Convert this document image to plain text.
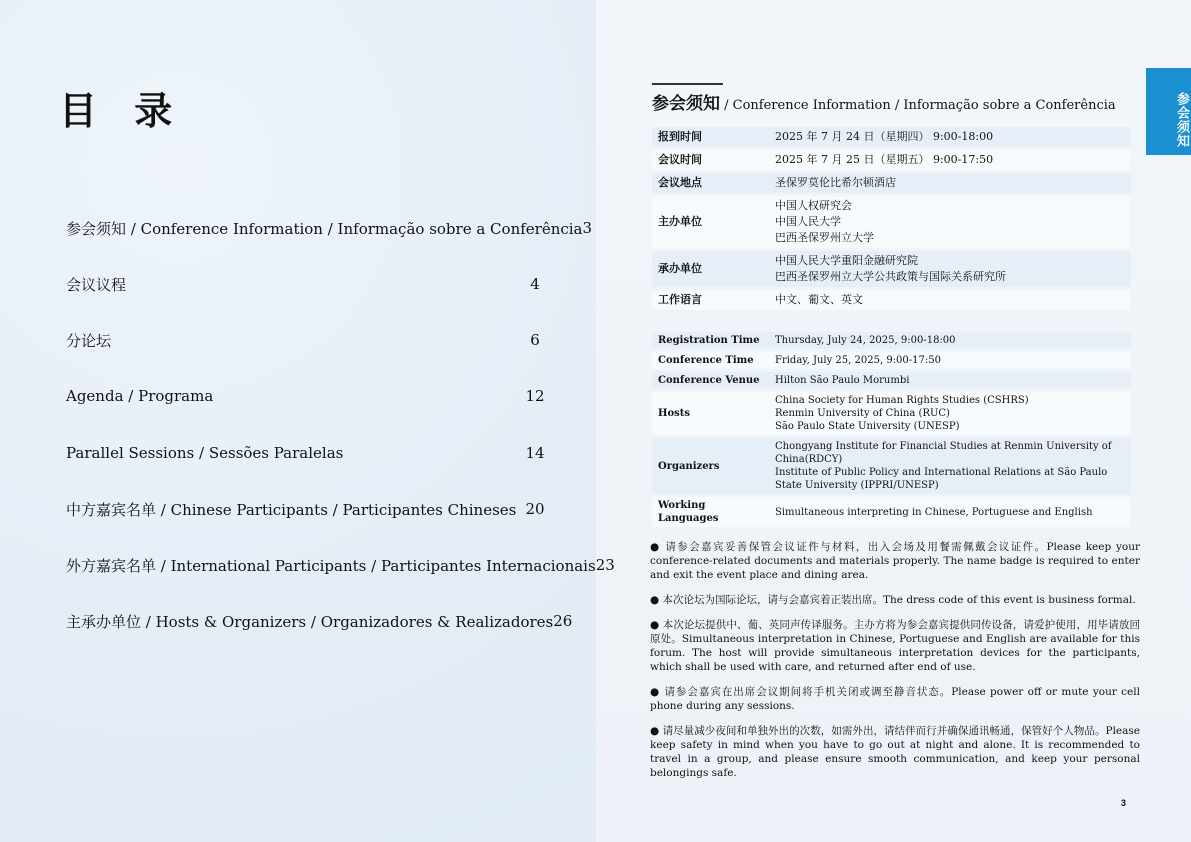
目 录
参会须知 / Conference Information / Informação sobre a Conferência 3
会议议程	4
分论坛	6
Agenda / Programa	12
Parallel Sessions / Sessões Paralelas	14
中方嘉宾名单 / Chinese Participants / Participantes Chineses 20
外方嘉宾名单 / International Participants / Participantes Internacionais 23
主承办单位 / Hosts & Organizers / Organizadores & Realizadores 26
参会须知 / Conference Information / Informação sobre a Conferência
报到时间	2025 年 7 月 24 日（星期四） 9:00-18:00

会议时间	2025 年 7 月 25 日（星期五） 9:00-17:50

会议地点	圣保罗莫伦比希尔顿酒店

主办单位	中国人权研究会
中国人民大学
巴西圣保罗州立大学

承办单位	中国人民大学重阳金融研究院
巴西圣保罗州立大学公共政策与国际关系研究所

工作语言	中文、葡文、英文
Registration Time	Thursday, July 24, 2025, 9:00-18:00

Conference Time	Friday, July 25, 2025, 9:00-17:50

Conference Venue	Hilton São Paulo Morumbi

Hosts	China Society for Human Rights Studies (CSHRS)
Renmin University of China (RUC)
São Paulo State University (UNESP)

Organizers	Chongyang Institute for Financial Studies at Renmin University of China(RDCY)
Institute of Public Policy and International Relations at São Paulo State University (IPPRI/UNESP)

Working Languages	Simultaneous interpreting in Chinese, Portuguese and English

● 请参会嘉宾妥善保管会议证件与材料，出入会场及用餐需佩戴会议证件。Please keep your conference-related documents and materials properly. The name badge is required to enter and exit the event place and dining area.

● 本次论坛为国际论坛，请与会嘉宾着正装出席。The dress code of this event is business formal.

● 本次论坛提供中、葡、英同声传译服务。主办方将为参会嘉宾提供同传设备，请爱护使用，用毕请放回原处。Simultaneous interpretation in Chinese, Portuguese and English are available for this forum. The host will provide simultaneous interpretation devices for the participants, which shall be used with care, and returned after end of use.

● 请参会嘉宾在出席会议期间将手机关闭或调至静音状态。Please power off or mute your cell phone during any sessions.

● 请尽量减少夜间和单独外出的次数，如需外出，请结伴而行并确保通讯畅通，保管好个人物品。Please keep safety in mind when you have to go out at night and alone. It is recommended to travel in a group, and please ensure smooth communication, and keep your personal belongings safe.

参会须知
3
